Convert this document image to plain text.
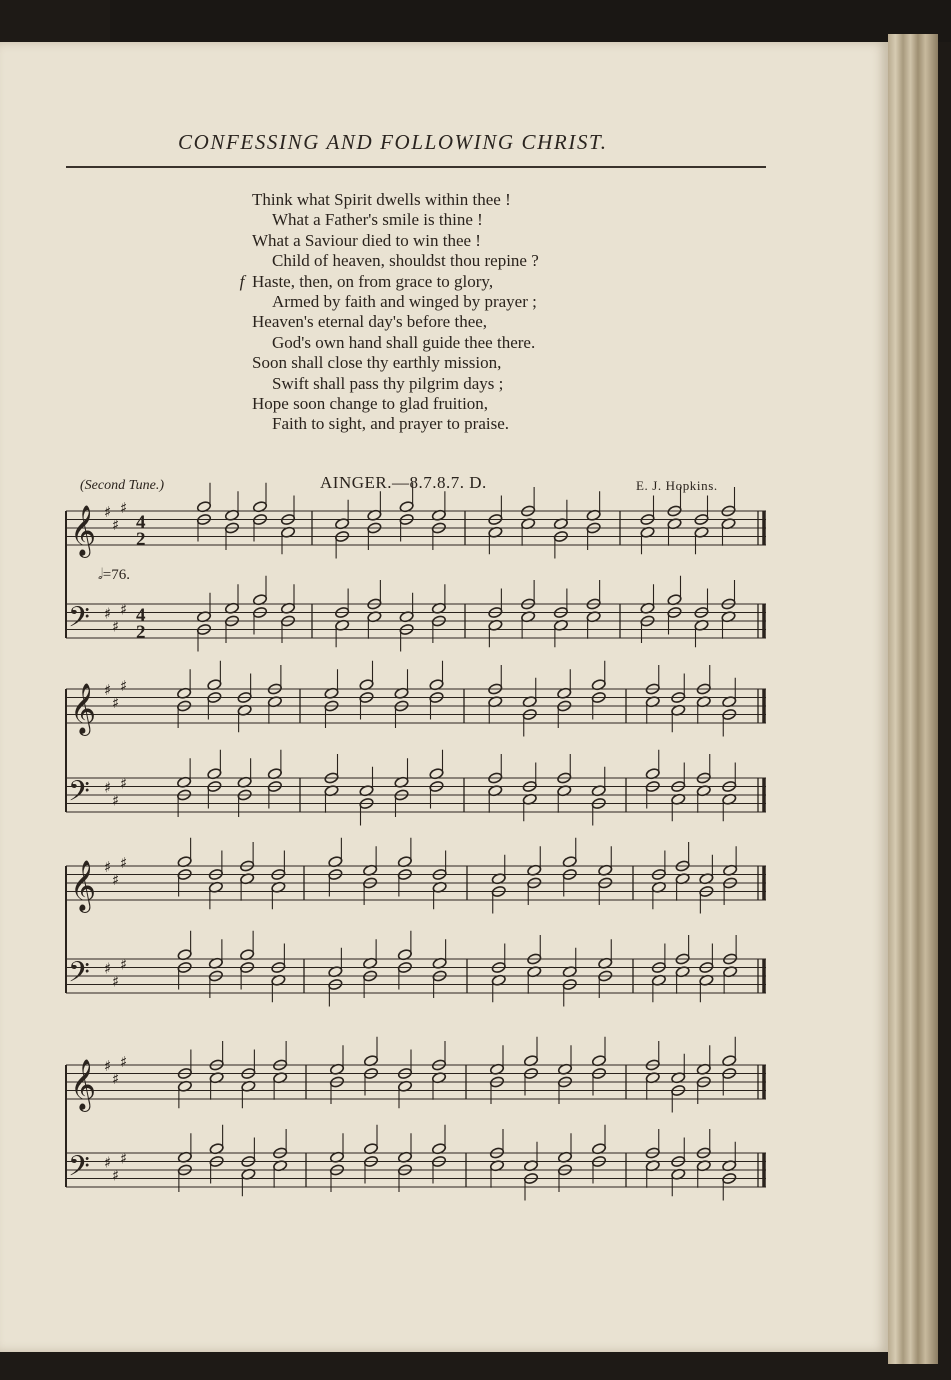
CONFESSING AND FOLLOWING CHRIST.
Think what Spirit dwells within thee !
What a Father's smile is thine !
What a Saviour died to win thee !
Child of heaven, shouldst thou repine ?
f Haste, then, on from grace to glory,
Armed by faith and winged by prayer ;
Heaven's eternal day's before thee,
God's own hand shall guide thee there.
Soon shall close thy earthly mission,
Swift shall pass thy pilgrim days ;
Hope soon change to glad fruition,
Faith to sight, and prayer to praise.
(Second Tune.)	AINGER.—8.7.8.7. D.	E. J. Hopkins.
𝄞 ♯
♯
♯
𝄢 ♯
♯
♯
4
2
4
2
𝄞 ♯
♯
♯
𝄢 ♯
♯
♯
𝄞 ♯
♯
♯
𝄢 ♯
♯
♯
𝄞 ♯
♯
♯
𝄢 ♯
♯
♯
𝅗𝅥=76.
